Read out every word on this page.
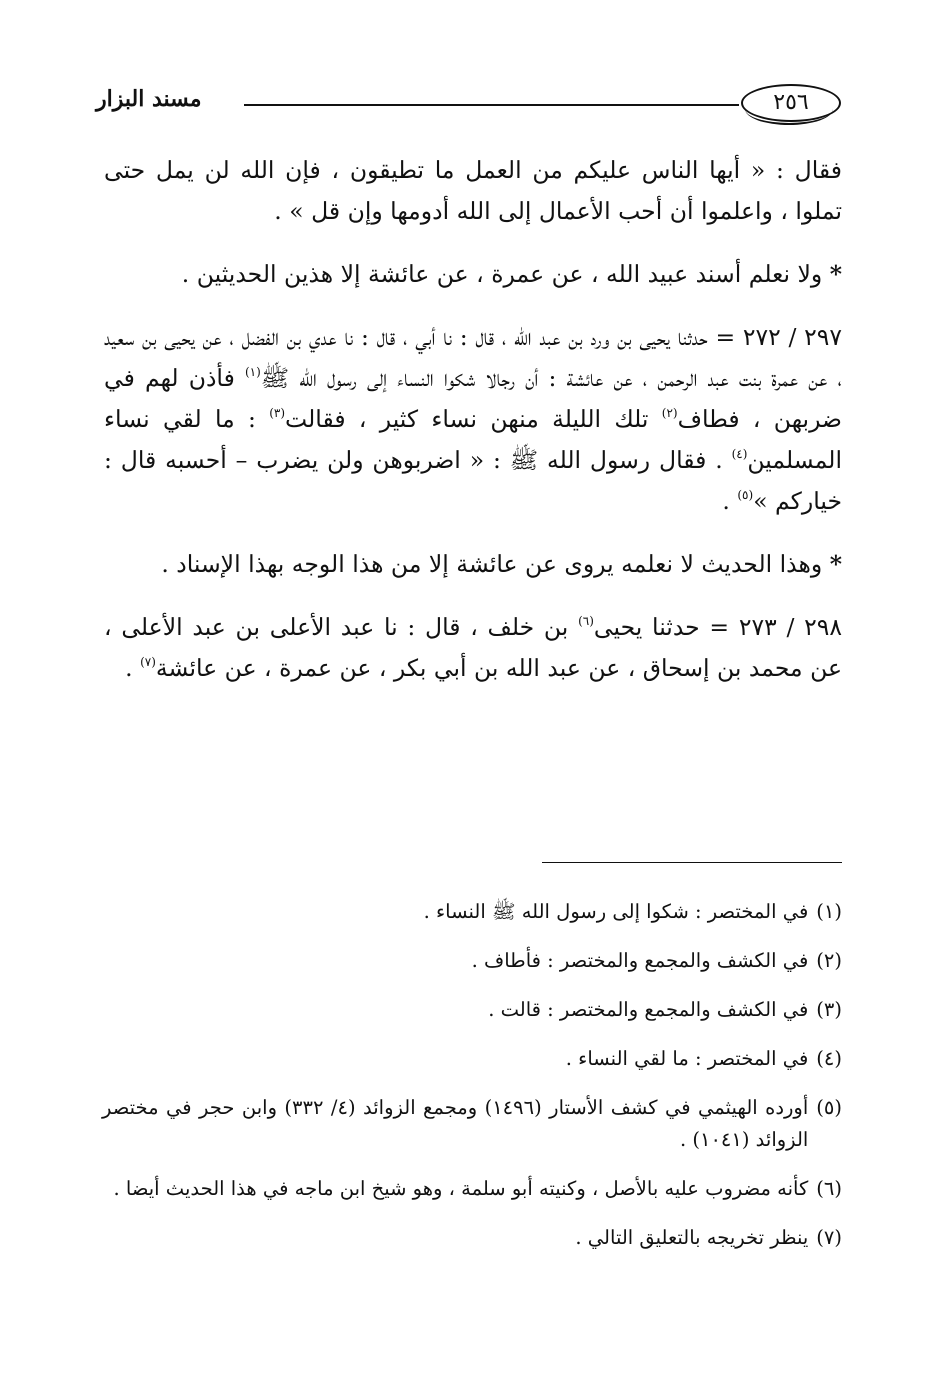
٢٥٦
مسند البزار

فقال : « أيها الناس عليكم من العمل ما تطيقون ، فإن الله لن يمل حتى تملوا ، واعلموا أن أحب الأعمال إلى الله أدومها وإن قل » .

* ولا نعلم أسند عبيد الله ، عن عمرة ، عن عائشة إلا هذين الحديثين .

٢٩٧ / ٢٧٢ = حدثنا يحيى بن ورد بن عبد الله ، قال : نا أبي ، قال : نا عدي بن الفضل ، عن يحيى بن سعيد ، عن عمرة بنت عبد الرحمن ، عن عائشة : أن رجالا شكوا النساء إلى رسول الله ﷺ$^{(١)}$ فأذن لهم في ضربهن ، فطاف$^{(٢)}$ تلك الليلة منهن نساء كثير ، فقالت$^{(٣)}$ : ما لقي نساء المسلمين$^{(٤)}$ . فقال رسول الله ﷺ : « اضربوهن ولن يضرب – أحسبه قال : خياركم »$^{(٥)}$ .

* وهذا الحديث لا نعلمه يروى عن عائشة إلا من هذا الوجه بهذا الإسناد .

٢٩٨ / ٢٧٣ = حدثنا يحيى$^{(٦)}$ بن خلف ، قال : نا عبد الأعلى بن عبد الأعلى ، عن محمد بن إسحاق ، عن عبد الله بن أبي بكر ، عن عمرة ، عن عائشة$^{(٧)}$ .

(١)
في المختصر : شكوا إلى رسول الله ﷺ النساء .
(٢)
في الكشف والمجمع والمختصر : فأطاف .
(٣)
في الكشف والمجمع والمختصر : قالت .
(٤)
في المختصر : ما لقي النساء .
(٥)
أورده الهيثمي في كشف الأستار (١٤٩٦) ومجمع الزوائد (٤/ ٣٣٢) وابن حجر في مختصر الزوائد (١٠٤١) .
(٦)
كأنه مضروب عليه بالأصل ، وكنيته أبو سلمة ، وهو شيخ ابن ماجه في هذا الحديث أيضا .
(٧)
ينظر تخريجه بالتعليق التالي .
